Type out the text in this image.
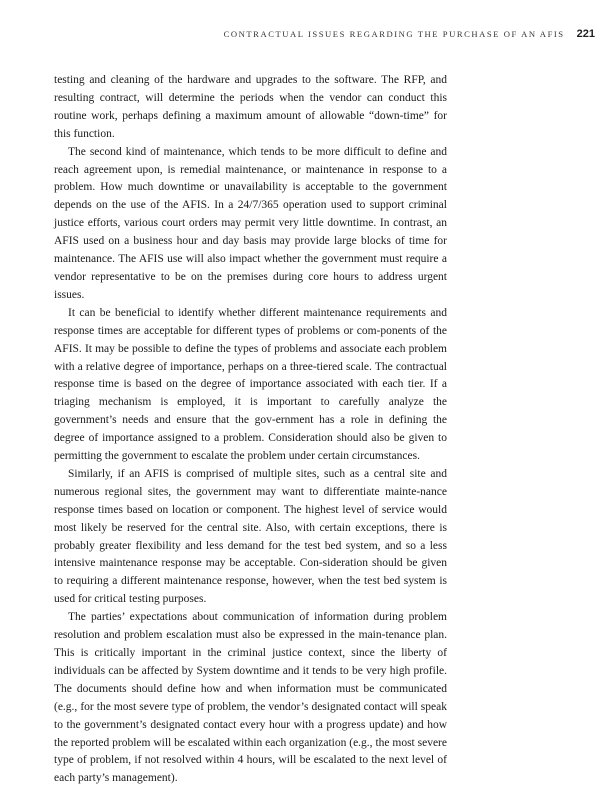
CONTRACTUAL ISSUES REGARDING THE PURCHASE OF AN AFIS 221

testing and cleaning of the hardware and upgrades to the software. The RFP, and resulting contract, will determine the periods when the vendor can conduct this routine work, perhaps defining a maximum amount of allowable “down-time” for this function.

The second kind of maintenance, which tends to be more difficult to define and reach agreement upon, is remedial maintenance, or maintenance in response to a problem. How much downtime or unavailability is acceptable to the government depends on the use of the AFIS. In a 24/7/365 operation used to support criminal justice efforts, various court orders may permit very little downtime. In contrast, an AFIS used on a business hour and day basis may provide large blocks of time for maintenance. The AFIS use will also impact whether the government must require a vendor representative to be on the premises during core hours to address urgent issues.

It can be beneficial to identify whether different maintenance requirements and response times are acceptable for different types of problems or com-ponents of the AFIS. It may be possible to define the types of problems and associate each problem with a relative degree of importance, perhaps on a three-tiered scale. The contractual response time is based on the degree of importance associated with each tier. If a triaging mechanism is employed, it is important to carefully analyze the government’s needs and ensure that the gov-ernment has a role in defining the degree of importance assigned to a problem. Consideration should also be given to permitting the government to escalate the problem under certain circumstances.

Similarly, if an AFIS is comprised of multiple sites, such as a central site and numerous regional sites, the government may want to differentiate mainte-nance response times based on location or component. The highest level of service would most likely be reserved for the central site. Also, with certain exceptions, there is probably greater flexibility and less demand for the test bed system, and so a less intensive maintenance response may be acceptable. Con-sideration should be given to requiring a different maintenance response, however, when the test bed system is used for critical testing purposes.

The parties’ expectations about communication of information during problem resolution and problem escalation must also be expressed in the main-tenance plan. This is critically important in the criminal justice context, since the liberty of individuals can be affected by System downtime and it tends to be very high profile. The documents should define how and when information must be communicated (e.g., for the most severe type of problem, the vendor’s designated contact will speak to the government’s designated contact every hour with a progress update) and how the reported problem will be escalated within each organization (e.g., the most severe type of problem, if not resolved within 4 hours, will be escalated to the next level of each party’s management).
